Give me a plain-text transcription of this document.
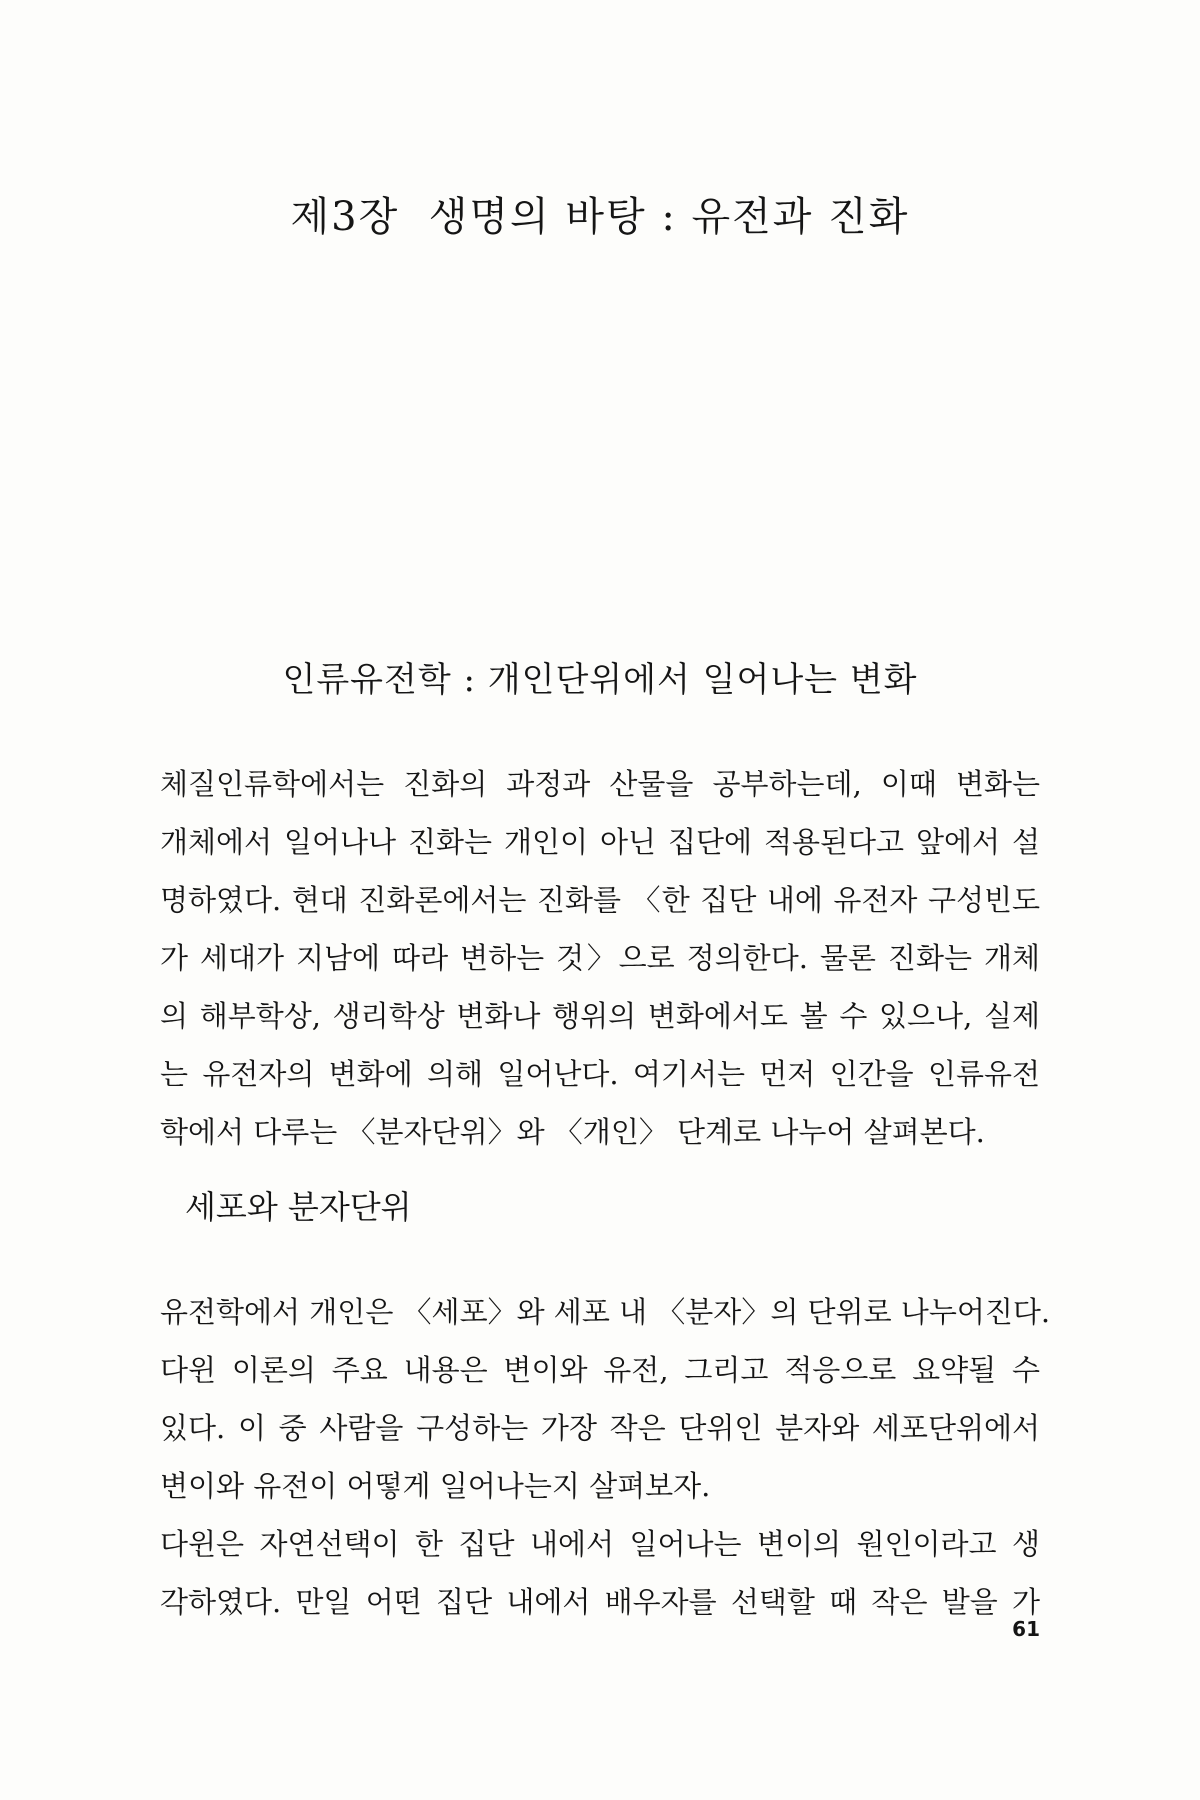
제3장  생명의 바탕 : 유전과 진화
인류유전학 : 개인단위에서 일어나는 변화
체질인류학에서는 진화의 과정과 산물을 공부하는데, 이때 변화는
개체에서 일어나나 진화는 개인이 아닌 집단에 적용된다고 앞에서 설
명하였다. 현대 진화론에서는 진화를 〈한 집단 내에 유전자 구성빈도
가 세대가 지남에 따라 변하는 것〉으로 정의한다. 물론 진화는 개체
의 해부학상, 생리학상 변화나 행위의 변화에서도 볼 수 있으나, 실제
는 유전자의 변화에 의해 일어난다. 여기서는 먼저 인간을 인류유전
학에서 다루는 〈분자단위〉와 〈개인〉 단계로 나누어 살펴본다.
세포와 분자단위
유전학에서 개인은 〈세포〉와 세포 내 〈분자〉의 단위로 나누어진다.
다윈 이론의 주요 내용은 변이와 유전, 그리고 적응으로 요약될 수
있다. 이 중 사람을 구성하는 가장 작은 단위인 분자와 세포단위에서
변이와 유전이 어떻게 일어나는지 살펴보자.
다윈은 자연선택이 한 집단 내에서 일어나는 변이의 원인이라고 생
각하였다. 만일 어떤 집단 내에서 배우자를 선택할 때 작은 발을 가
61
